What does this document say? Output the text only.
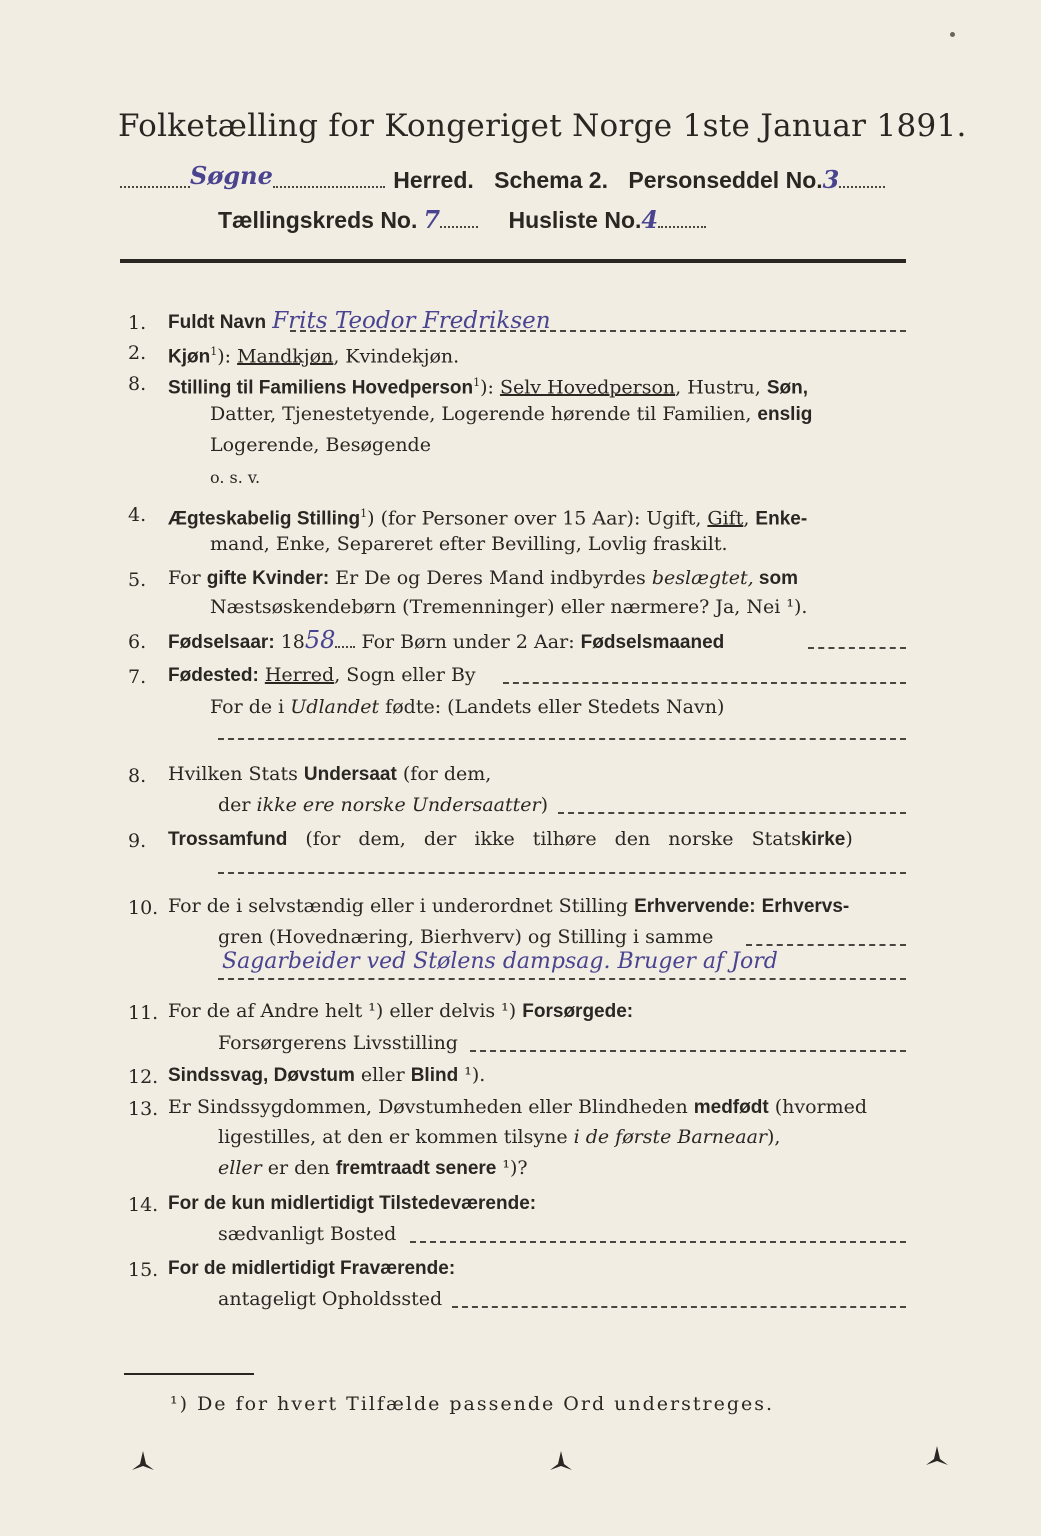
Folketælling for Kongeriget Norge 1ste Januar 1891.
Søgne	Herred. Schema 2. Personseddel No.3
Tællingskreds No. 7	Husliste No.4
1. Fuldt Navn Frits Teodor Fredriksen
2. Kjøn$^1$): Mandkjøn, Kvindekjøn.
8. Stilling til Familiens Hovedperson$^1$): Selv Hovedperson, Hustru, Søn,
Datter, Tjenestetyende, Logerende hørende til Familien, enslig
Logerende, Besøgende
o. s. v.
4. Ægteskabelig Stilling$^1$) (for Personer over 15 Aar): Ugift, Gift, Enke-
mand, Enke, Separeret efter Bevilling, Lovlig fraskilt.
5. For gifte Kvinder: Er De og Deres Mand indbyrdes beslægtet, som
Næstsøskendebørn (Tremenninger) eller nærmere? Ja, Nei ¹).
6. Fødselsaar: 1858 For Børn under 2 Aar: Fødselsmaaned
7. Fødested: Herred, Sogn eller By
For de i Udlandet fødte: (Landets eller Stedets Navn)
8. Hvilken Stats Undersaat (for dem,
der ikke ere norske Undersaatter)
9. Trossamfund (for dem, der ikke tilhøre den norske Statskirke)
10. For de i selvstændig eller i underordnet Stilling Erhvervende: Erhvervs-
gren (Hovednæring, Bierhverv) og Stilling i samme
Sagarbeider ved Stølens dampsag. Bruger af Jord
11. For de af Andre helt ¹) eller delvis ¹) Forsørgede:
Forsørgerens Livsstilling
12. Sindssvag, Døvstum eller Blind ¹).
13. Er Sindssygdommen, Døvstumheden eller Blindheden medfødt (hvormed
ligestilles, at den er kommen tilsyne i de første Barneaar),
eller er den fremtraadt senere ¹)?
14. For de kun midlertidigt Tilstedeværende:
sædvanligt Bosted
15. For de midlertidigt Fraværende:
antageligt Opholdssted
¹) De for hvert Tilfælde passende Ord understreges.
